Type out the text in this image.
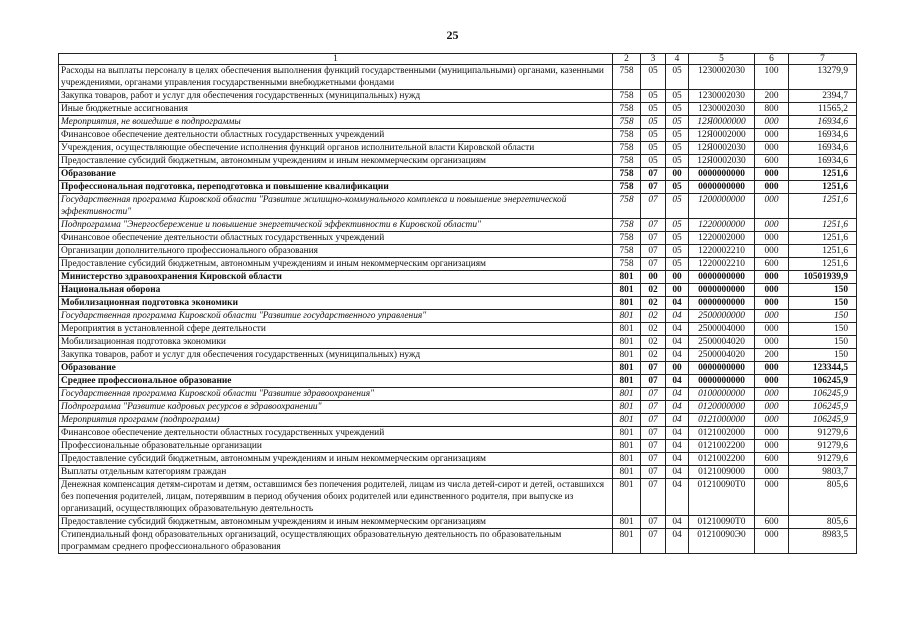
25
1	2	3	4	5	6	7
Расходы на выплаты персоналу в целях обеспечения выполнения функций государственными (муниципальными) органами, казенными учреждениями, органами управления государственными внебюджетными фондами	758	05	05	1230002030	100	13279,9
Закупка товаров, работ и услуг для обеспечения государственных (муниципальных) нужд	758	05	05	1230002030	200	2394,7
Иные бюджетные ассигнования	758	05	05	1230002030	800	11565,2
Мероприятия, не вошедшие в подпрограммы	758	05	05	12Я0000000	000	16934,6
Финансовое обеспечение деятельности областных государственных учреждений	758	05	05	12Я0002000	000	16934,6
Учреждения, осуществляющие обеспечение исполнения функций органов исполнительной власти Кировской области	758	05	05	12Я0002030	000	16934,6
Предоставление субсидий бюджетным, автономным учреждениям и иным некоммерческим организациям	758	05	05	12Я0002030	600	16934,6
Образование	758	07	00	0000000000	000	1251,6
Профессиональная подготовка, переподготовка и повышение квалификации	758	07	05	0000000000	000	1251,6
Государственная программа Кировской области "Развитие жилищно-коммунального комплекса и повышение энергетической эффективности"	758	07	05	1200000000	000	1251,6
Подпрограмма "Энергосбережение и повышение энергетической эффективности в Кировской области"	758	07	05	1220000000	000	1251,6
Финансовое обеспечение деятельности областных государственных учреждений	758	07	05	1220002000	000	1251,6
Организации дополнительного профессионального образования	758	07	05	1220002210	000	1251,6
Предоставление субсидий бюджетным, автономным учреждениям и иным некоммерческим организациям	758	07	05	1220002210	600	1251,6
Министерство здравоохранения Кировской области	801	00	00	0000000000	000	10501939,9
Национальная оборона	801	02	00	0000000000	000	150
Мобилизационная подготовка экономики	801	02	04	0000000000	000	150
Государственная программа Кировской области "Развитие государственного управления"	801	02	04	2500000000	000	150
Мероприятия в установленной сфере деятельности	801	02	04	2500004000	000	150
Мобилизационная подготовка экономики	801	02	04	2500004020	000	150
Закупка товаров, работ и услуг для обеспечения государственных (муниципальных) нужд	801	02	04	2500004020	200	150
Образование	801	07	00	0000000000	000	123344,5
Среднее профессиональное образование	801	07	04	0000000000	000	106245,9
Государственная программа Кировской области "Развитие здравоохранения"	801	07	04	0100000000	000	106245,9
Подпрограмма "Развитие кадровых ресурсов в здравоохранении"	801	07	04	0120000000	000	106245,9
Мероприятия программ (подпрограмм)	801	07	04	0121000000	000	106245,9
Финансовое обеспечение деятельности областных государственных учреждений	801	07	04	0121002000	000	91279,6
Профессиональные образовательные организации	801	07	04	0121002200	000	91279,6
Предоставление субсидий бюджетным, автономным учреждениям и иным некоммерческим организациям	801	07	04	0121002200	600	91279,6
Выплаты отдельным категориям граждан	801	07	04	0121009000	000	9803,7
Денежная компенсация детям-сиротам и детям, оставшимся без попечения родителей, лицам из числа детей-сирот и детей, оставшихся без попечения родителей, лицам, потерявшим в период обучения обоих родителей или единственного родителя, при выпуске из организаций, осуществляющих образовательную деятельность	801	07	04	01210090Т0	000	805,6
Предоставление субсидий бюджетным, автономным учреждениям и иным некоммерческим организациям	801	07	04	01210090Т0	600	805,6
Стипендиальный фонд образовательных организаций, осуществляющих образовательную деятельность по образовательным программам среднего профессионального образования	801	07	04	01210090Э0	000	8983,5
